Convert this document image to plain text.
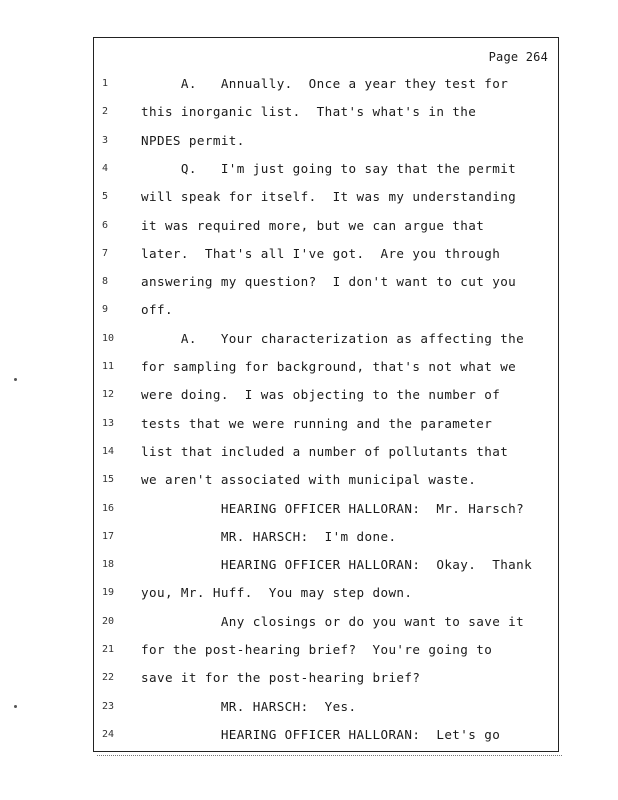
Page 264
1	A.   Annually.  Once a year they test for
2	this inorganic list.  That's what's in the
3	NPDES permit.
4	Q.   I'm just going to say that the permit
5	will speak for itself.  It was my understanding
6	it was required more, but we can argue that
7	later.  That's all I've got.  Are you through
8	answering my question?  I don't want to cut you
9	off.
10	A.   Your characterization as affecting the
11	for sampling for background, that's not what we
12	were doing.  I was objecting to the number of
13	tests that we were running and the parameter
14	list that included a number of pollutants that
15	we aren't associated with municipal waste.
16	HEARING OFFICER HALLORAN:  Mr. Harsch?
17	MR. HARSCH:  I'm done.
18	HEARING OFFICER HALLORAN:  Okay.  Thank
19	you, Mr. Huff.  You may step down.
20	Any closings or do you want to save it
21	for the post-hearing brief?  You're going to
22	save it for the post-hearing brief?
23	MR. HARSCH:  Yes.
24	HEARING OFFICER HALLORAN:  Let's go
